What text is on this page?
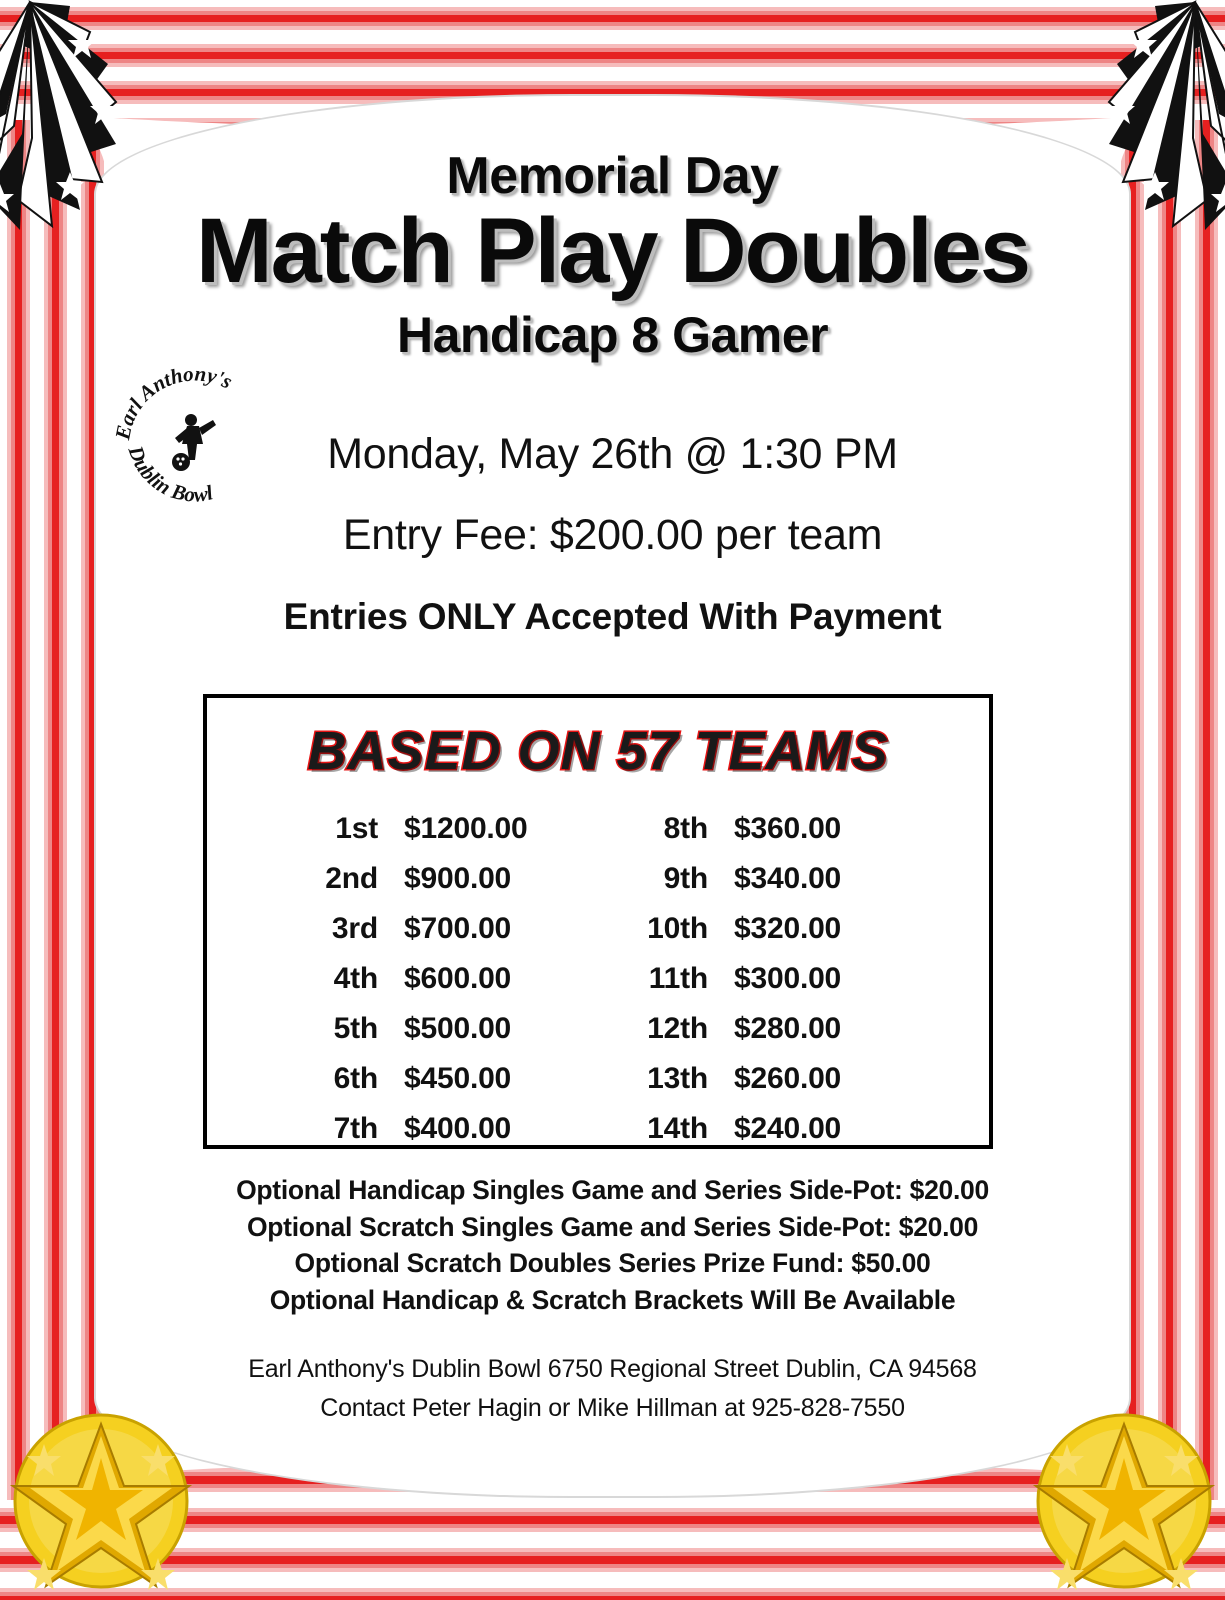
Memorial Day
Match Play Doubles
Handicap 8 Gamer
Earl Anthony's
Dublin Bowl
Monday, May 26th @ 1:30 PM
Entry Fee: $200.00 per team
Entries ONLY Accepted With Payment
BASED ON 57 TEAMS
1st	$1200.00		8th	$360.00
2nd	$900.00		9th	$340.00
3rd	$700.00		10th	$320.00
4th	$600.00		11th	$300.00
5th	$500.00		12th	$280.00
6th	$450.00		13th	$260.00
7th	$400.00		14th	$240.00
Optional Handicap Singles Game and Series Side-Pot: $20.00
Optional Scratch Singles Game and Series Side-Pot: $20.00
Optional Scratch Doubles Series Prize Fund: $50.00
Optional Handicap & Scratch Brackets Will Be Available
Earl Anthony's Dublin Bowl 6750 Regional Street Dublin, CA 94568
Contact Peter Hagin or Mike Hillman at 925-828-7550
